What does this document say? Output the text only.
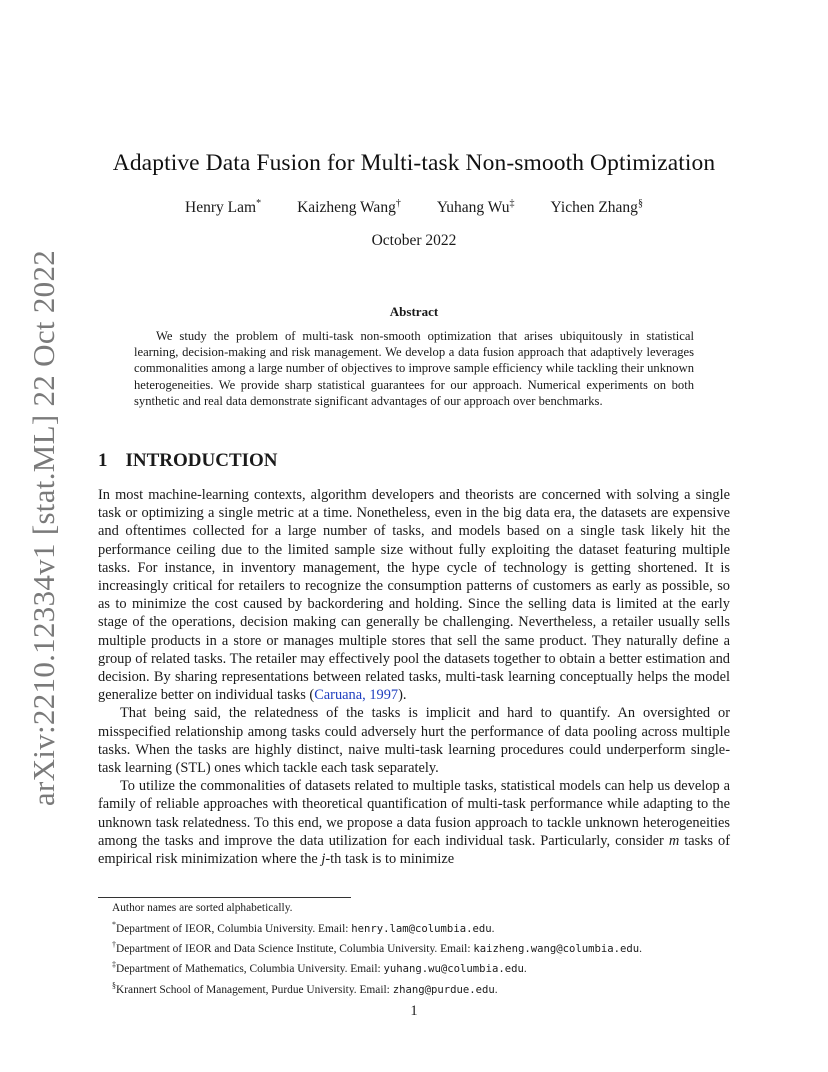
arXiv:2210.12334v1 [stat.ML] 22 Oct 2022
Adaptive Data Fusion for Multi-task Non-smooth Optimization
Henry Lam* Kaizheng Wang† Yuhang Wu‡ Yichen Zhang§
October 2022
Abstract
We study the problem of multi-task non-smooth optimization that arises ubiquitously in statistical learning, decision-making and risk management. We develop a data fusion approach that adaptively leverages commonalities among a large number of objectives to improve sample efficiency while tackling their unknown heterogeneities. We provide sharp statistical guarantees for our approach. Numerical experiments on both synthetic and real data demonstrate significant advantages of our approach over benchmarks.
1 INTRODUCTION

In most machine-learning contexts, algorithm developers and theorists are concerned with solving a single task or optimizing a single metric at a time. Nonetheless, even in the big data era, the datasets are expensive and oftentimes collected for a large number of tasks, and models based on a single task likely hit the performance ceiling due to the limited sample size without fully exploiting the dataset featuring multiple tasks. For instance, in inventory management, the hype cycle of technology is getting shortened. It is increasingly critical for retailers to recognize the consumption patterns of customers as early as possible, so as to minimize the cost caused by backordering and holding. Since the selling data is limited at the early stage of the operations, decision making can generally be challenging. Nevertheless, a retailer usually sells multiple products in a store or manages multiple stores that sell the same product. They naturally define a group of related tasks. The retailer may effectively pool the datasets together to obtain a better estimation and decision. By sharing representations between related tasks, multi-task learning conceptually helps the model generalize better on individual tasks (Caruana, 1997).

That being said, the relatedness of the tasks is implicit and hard to quantify. An oversighted or misspecified relationship among tasks could adversely hurt the performance of data pooling across multiple tasks. When the tasks are highly distinct, naive multi-task learning procedures could underperform single-task learning (STL) ones which tackle each task separately.

To utilize the commonalities of datasets related to multiple tasks, statistical models can help us develop a family of reliable approaches with theoretical quantification of multi-task performance while adapting to the unknown task relatedness. To this end, we propose a data fusion approach to tackle unknown heterogeneities among the tasks and improve the data utilization for each individual task. Particularly, consider m tasks of empirical risk minimization where the j-th task is to minimize

Author names are sorted alphabetically.
*Department of IEOR, Columbia University. Email: henry.lam@columbia.edu.
†Department of IEOR and Data Science Institute, Columbia University. Email: kaizheng.wang@columbia.edu.
‡Department of Mathematics, Columbia University. Email: yuhang.wu@columbia.edu.
§Krannert School of Management, Purdue University. Email: zhang@purdue.edu.
1
